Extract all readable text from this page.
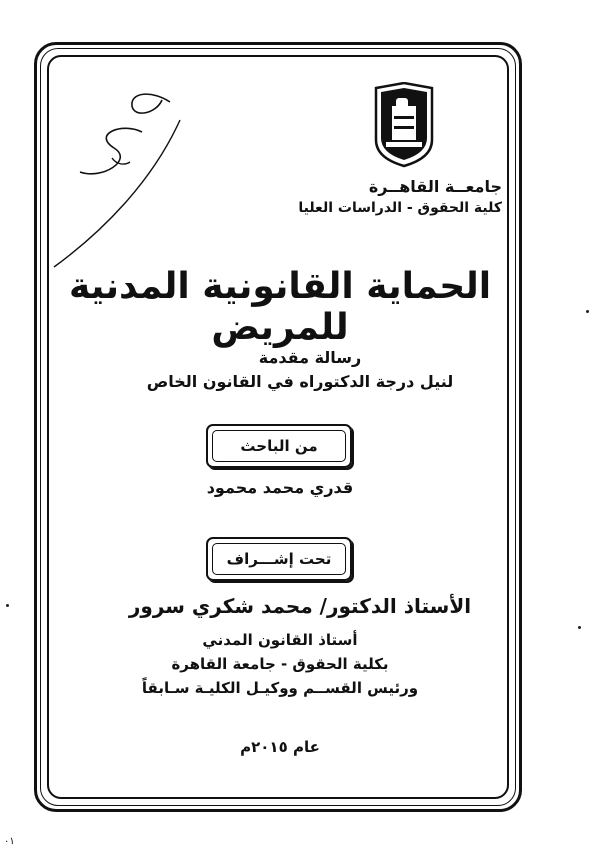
جامعــة القاهــرة
كلية الحقوق - الدراسات العليا
الحماية القانونية المدنية للمريض
رسالة مقدمة
لنيل درجة الدكتوراه في القانون الخاص
من الباحث
قدري محمد محمود
تحت إشـــراف
الأستاذ الدكتور/ محمد شكري سرور
أستاذ القانون المدني
بكلية الحقوق - جامعة القاهرة
ورئيس القســم ووكيـل الكليـة سـابقاً
عام ٢٠١٥م
٠١
